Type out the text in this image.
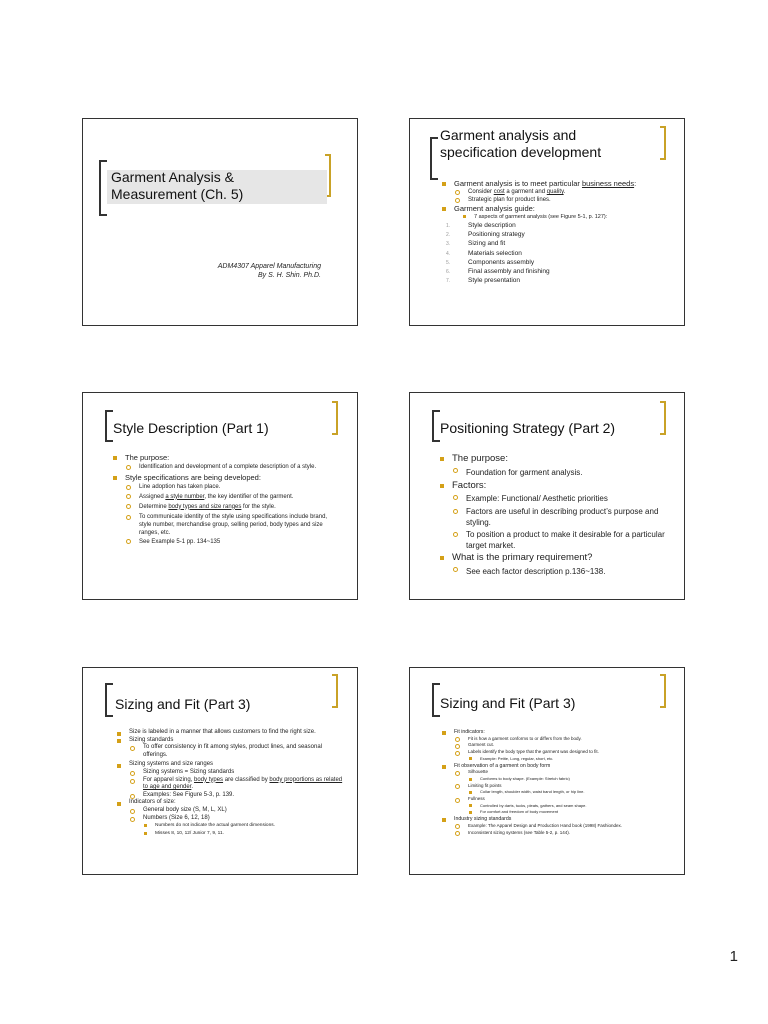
Garment Analysis &
Measurement (Ch. 5)
ADM4307 Apparel Manufacturing
By S. H. Shin. Ph.D.
Garment analysis and
specification development
Garment analysis is to meet particular business needs:
Consider cost a garment and quality.
Strategic plan for product lines.
Garment analysis guide:
7 aspects of garment analysis (see Figure 5-1, p. 127):
1.	Style description
2.	Positioning strategy
3.	Sizing and fit
4.	Materials selection
5.	Components assembly
6.	Final assembly and finishing
7.	Style presentation
Style Description (Part 1)
The purpose:
Identification and development of a complete description of a style.
Style specifications are being developed:
Line adoption has taken place.
Assigned a style number, the key identifier of the garment.
Determine body types and size ranges for the style.
To communicate identity of the style using specifications include brand, style number, merchandise group, selling period, body types and size ranges, etc.
See Example 5-1 pp. 134~135
Positioning Strategy (Part 2)
The purpose:
Foundation for garment analysis.
Factors:
Example: Functional/ Aesthetic priorities
Factors are useful in describing product’s purpose and styling.
To position a product to make it desirable for a particular target market.
What is the primary requirement?
See each factor description p.136~138.
Sizing and Fit (Part 3)
Size is labeled in a manner that allows customers to find the right size.
Sizing standards
To offer consistency in fit among styles, product lines, and seasonal offerings.
Sizing systems and size ranges
Sizing systems = Sizing standards
For apparel sizing, body types are classified by body proportions as related to age and gender.
Examples: See Figure 5-3, p. 139.
Indicators of size:
General body size (S, M, L, XL)
Numbers (Size 6, 12, 18)
Numbers do not indicate the actual garment dimensions.
Misses 8, 10, 12/ Junior 7, 9, 11.
Sizing and Fit (Part 3)
Fit indicators:
Fit is how a garment conforms to or differs from the body.
Garment cut.
Labels identify the body type that the garment was designed to fit.
Example: Petite, Long, regular, short, etc.
Fit observation of a garment on body form
Silhouette
Conforms to body shape. (Example: Stretch fabric)
Limiting fit points
Collar length, shoulder width, waist band length, or hip line.
Fullness
Controlled by darts, tucks, pleats, gathers, and seam shape.
For comfort and freedom of body movement
Industry sizing standards
Example: The Apparel Design and Production Hand book (1998) Fashiondex.
Inconsistent sizing systems (see Table 5-2, p. 144).
1
